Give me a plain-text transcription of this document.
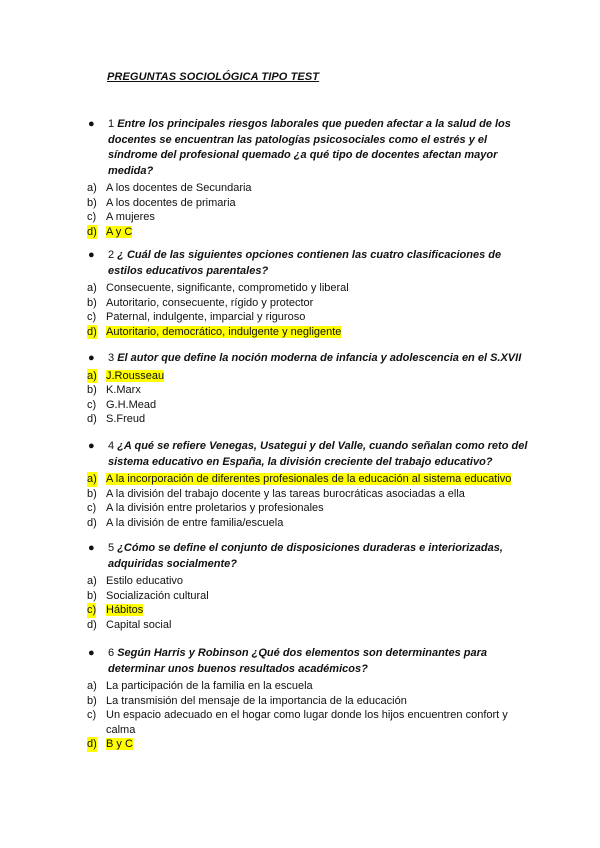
PREGUNTAS SOCIOLÓGICA TIPO TEST
● 1 Entre los principales riesgos laborales que pueden afectar a la salud de los docentes se encuentran las patologías psicosociales como el estrés y el síndrome del profesional quemado ¿a qué tipo de docentes afectan mayor medida?
a) A los docentes de Secundaria
b) A los docentes de primaria
c) A mujeres
d) A y C
● 2 ¿ Cuál de las siguientes opciones contienen las cuatro clasificaciones de estilos educativos parentales?
a) Consecuente, significante, comprometido y liberal
b) Autoritario, consecuente, rígido y protector
c) Paternal, indulgente, imparcial y riguroso
d) Autoritario, democrático, indulgente y negligente
● 3 El autor que define la noción moderna de infancia y adolescencia en el S.XVII
a) J.Rousseau
b) K.Marx
c) G.H.Mead
d) S.Freud
● 4 ¿A qué se refiere Venegas, Usategui y del Valle, cuando señalan como reto del sistema educativo en España, la división creciente del trabajo educativo?
a) A la incorporación de diferentes profesionales de la educación al sistema educativo
b) A la división del trabajo docente y las tareas burocráticas asociadas a ella
c) A la división entre proletarios y profesionales
d) A la división de entre familia/escuela
● 5 ¿Cómo se define el conjunto de disposiciones duraderas e interiorizadas, adquiridas socialmente?
a) Estilo educativo
b) Socialización cultural
c) Hábitos
d) Capital social
● 6 Según Harris y Robinson ¿Qué dos elementos son determinantes para determinar unos buenos resultados académicos?
a) La participación de la familia en la escuela
b) La transmisión del mensaje de la importancia de la educación
c) Un espacio adecuado en el hogar como lugar donde los hijos encuentren confort y calma
d) B y C
